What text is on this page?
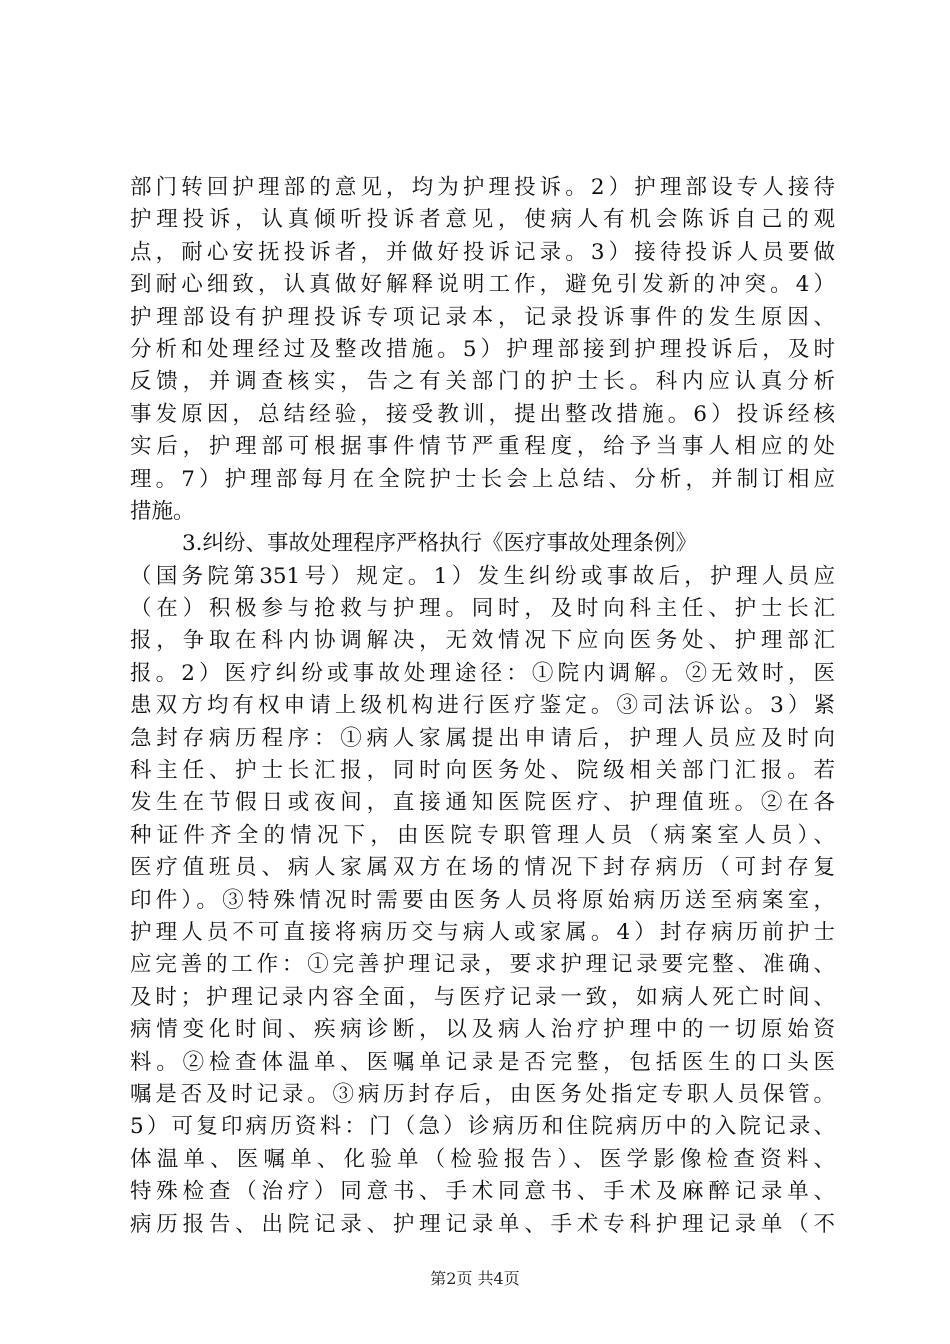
部门转回护理部的意见，均为护理投诉。2）护理部设专人接待
护理投诉，认真倾听投诉者意见，使病人有机会陈诉自己的观
点，耐心安抚投诉者，并做好投诉记录。3）接待投诉人员要做
到耐心细致，认真做好解释说明工作，避免引发新的冲突。4）
护理部设有护理投诉专项记录本，记录投诉事件的发生原因、
分析和处理经过及整改措施。5）护理部接到护理投诉后，及时
反馈，并调查核实，告之有关部门的护士长。科内应认真分析
事发原因，总结经验，接受教训，提出整改措施。6）投诉经核
实后，护理部可根据事件情节严重程度，给予当事人相应的处
理。7）护理部每月在全院护士长会上总结、分析，并制订相应
措施。
3.纠纷、事故处理程序严格执行《医疗事故处理条例》
（国务院第351号）规定。1）发生纠纷或事故后，护理人员应
（在）积极参与抢救与护理。同时，及时向科主任、护士长汇
报，争取在科内协调解决，无效情况下应向医务处、护理部汇
报。2）医疗纠纷或事故处理途径：①院内调解。②无效时，医
患双方均有权申请上级机构进行医疗鉴定。③司法诉讼。3）紧
急封存病历程序：①病人家属提出申请后，护理人员应及时向
科主任、护士长汇报，同时向医务处、院级相关部门汇报。若
发生在节假日或夜间，直接通知医院医疗、护理值班。②在各
种证件齐全的情况下，由医院专职管理人员（病案室人员）、
医疗值班员、病人家属双方在场的情况下封存病历（可封存复
印件）。③特殊情况时需要由医务人员将原始病历送至病案室，
护理人员不可直接将病历交与病人或家属。4）封存病历前护士
应完善的工作：①完善护理记录，要求护理记录要完整、准确、
及时；护理记录内容全面，与医疗记录一致，如病人死亡时间、
病情变化时间、疾病诊断，以及病人治疗护理中的一切原始资
料。②检查体温单、医嘱单记录是否完整，包括医生的口头医
嘱是否及时记录。③病历封存后，由医务处指定专职人员保管。
5）可复印病历资料：门（急）诊病历和住院病历中的入院记录、
体温单、医嘱单、化验单（检验报告）、医学影像检查资料、
特殊检查（治疗）同意书、手术同意书、手术及麻醉记录单、
病历报告、出院记录、护理记录单、手术专科护理记录单（不
第2页 共4页
